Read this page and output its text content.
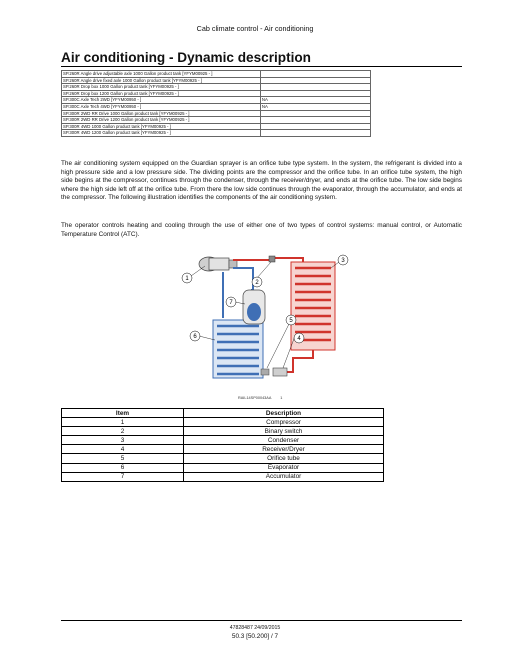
Cab climate control - Air conditioning
Air conditioning - Dynamic description
SP.260R Angle drive adjustable axle 1000 Gallon product tank [YFYM00925 - ]	
SP.260R Angle drive fixed axle 1000 Gallon product tank [YFYM00925 - ]	
SP.260R Drop box 1000 Gallon product tank [YFYM00925 - ]	
SP.260R Drop box 1200 Gallon product tank [YFYM00925 - ]	
SP.300C Axle Tech 2WD [YFYM00950 - ]	NA
SP.300C Axle Tech 4WD [YFYM00950 - ]	NA
SP.300R 2WD RR Drive 1000 Gallon product tank [YFYM00925 - ]	
SP.300R 2WD RR Drive 1200 Gallon product tank [YFYM00925 - ]	
SP.300R 4WD 1000 Gallon product tank [YFYM00925 - ]	
SP.300R 4WD 1200 Gallon product tank [YFYM00925 - ]	

The air conditioning system equipped on the Guardian sprayer is an orifice tube type system. In the system, the refrigerant is divided into a high pressure side and a low pressure side. The dividing points are the compressor and the orifice tube. In an orifice tube system, the high side begins at the compressor, continues through the condenser, through the receiver/dryer, and ends at the orifice tube. The low side begins where the high side left off at the orifice tube. From there the low side continues through the evaporator, through the accumulator, and ends at the compressor. The following illustration identifies the components of the air conditioning system.

The operator controls heating and cooling through the use of either one of two types of control systems: manual control, or Automatic Temperature Control (ATC).

1
2
3
4
5
6
7
RAIL14SP00043AA 1
Item	Description
1	Compressor
2	Binary switch
3	Condenser
4	Receiver/Dryer
5	Orifice tube
6	Evaporator
7	Accumulator
47828487 24/09/2015
50.3 [50.200] / 7
